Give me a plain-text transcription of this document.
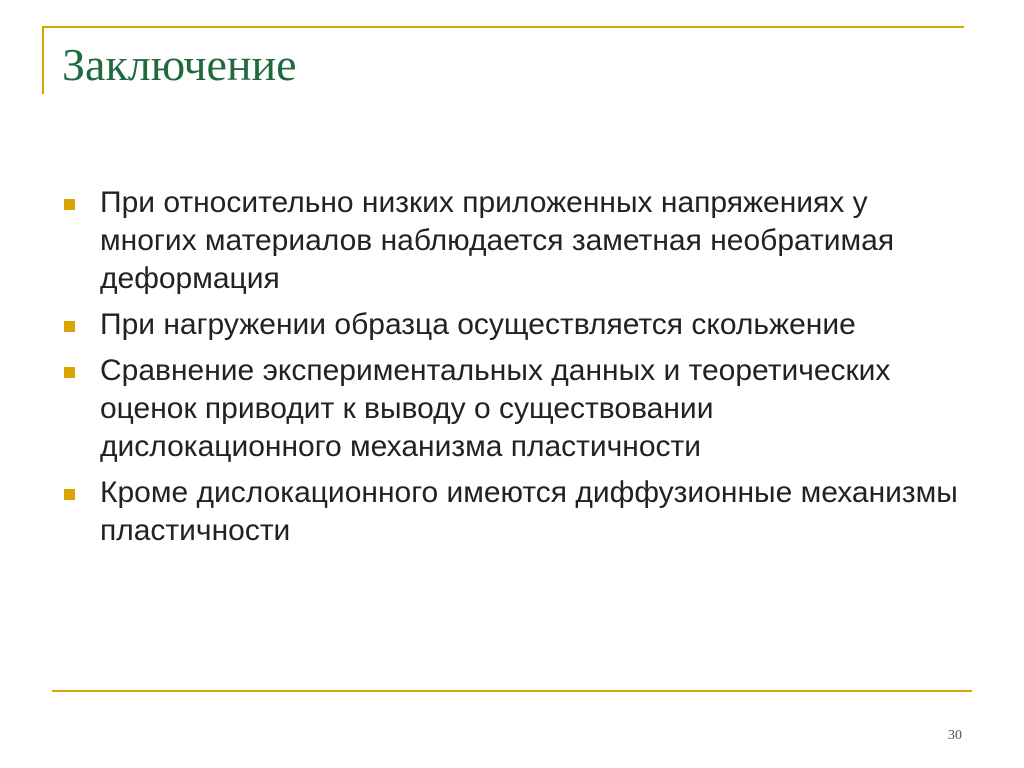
Заключение
При относительно низких приложенных напряжениях у многих материалов наблюдается заметная необратимая деформация
При нагружении образца осуществляется скольжение
Сравнение экспериментальных данных и теоретических оценок приводит к выводу о существовании дислокационного механизма пластичности
Кроме дислокационного имеются диффузионные механизмы пластичности
30
